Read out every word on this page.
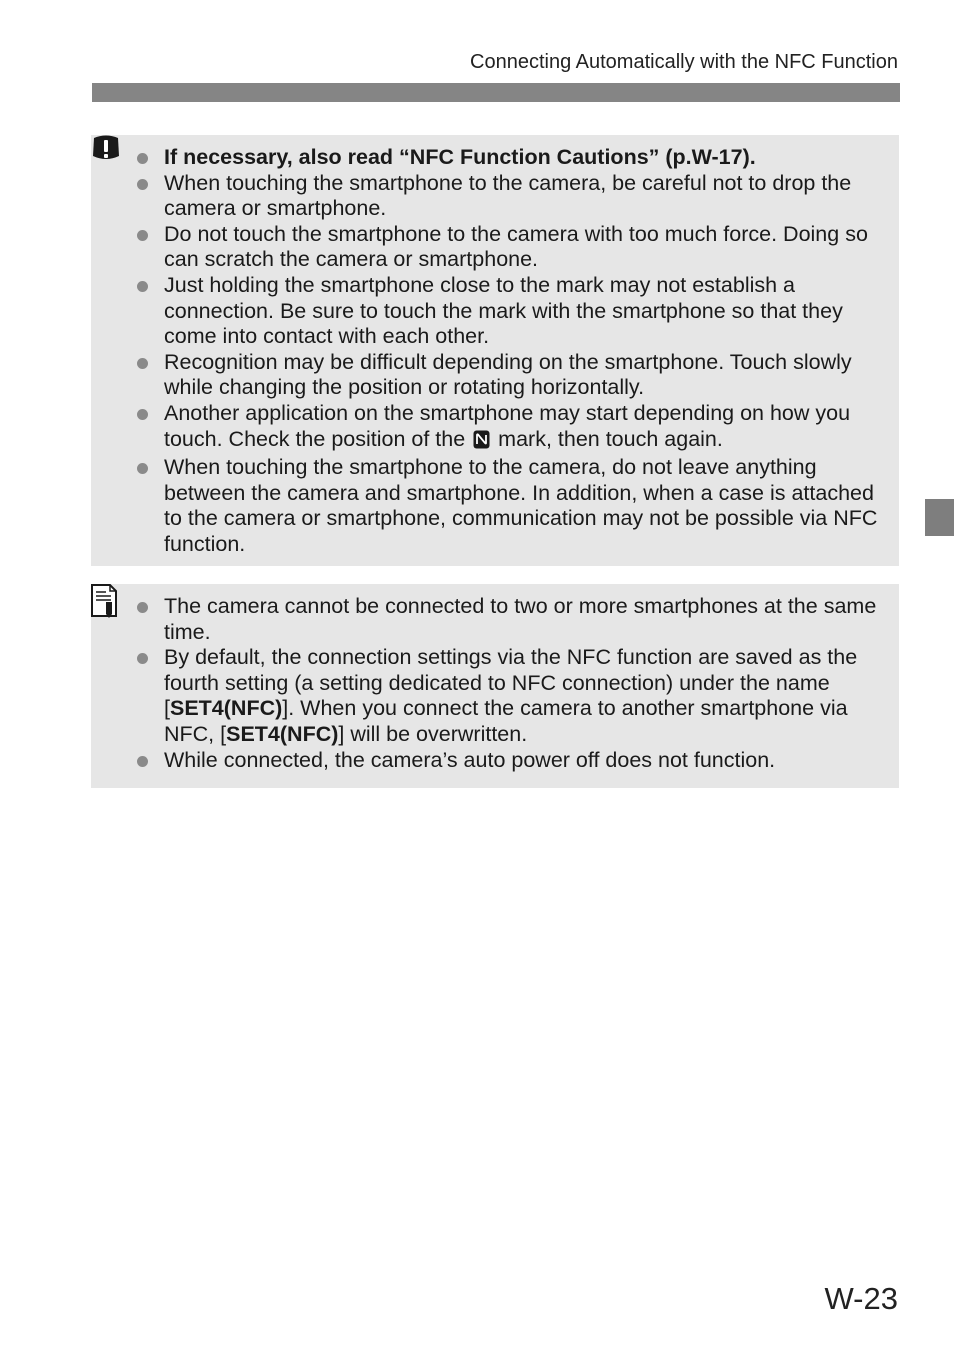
Connecting Automatically with the NFC Function
If necessary, also read “NFC Function Cautions” (p.W-17).
When touching the smartphone to the camera, be careful not to drop the camera or smartphone.
Do not touch the smartphone to the camera with too much force. Doing so can scratch the camera or smartphone.
Just holding the smartphone close to the mark may not establish a connection. Be sure to touch the mark with the smartphone so that they come into contact with each other.
Recognition may be difficult depending on the smartphone. Touch slowly while changing the position or rotating horizontally.
Another application on the smartphone may start depending on how you touch. Check the position of the mark, then touch again.
When touching the smartphone to the camera, do not leave anything between the camera and smartphone. In addition, when a case is attached to the camera or smartphone, communication may not be possible via NFC function.
The camera cannot be connected to two or more smartphones at the same time.
By default, the connection settings via the NFC function are saved as the fourth setting (a setting dedicated to NFC connection) under the name [SET4(NFC)]. When you connect the camera to another smartphone via NFC, [SET4(NFC)] will be overwritten.
While connected, the camera’s auto power off does not function.
W-23
